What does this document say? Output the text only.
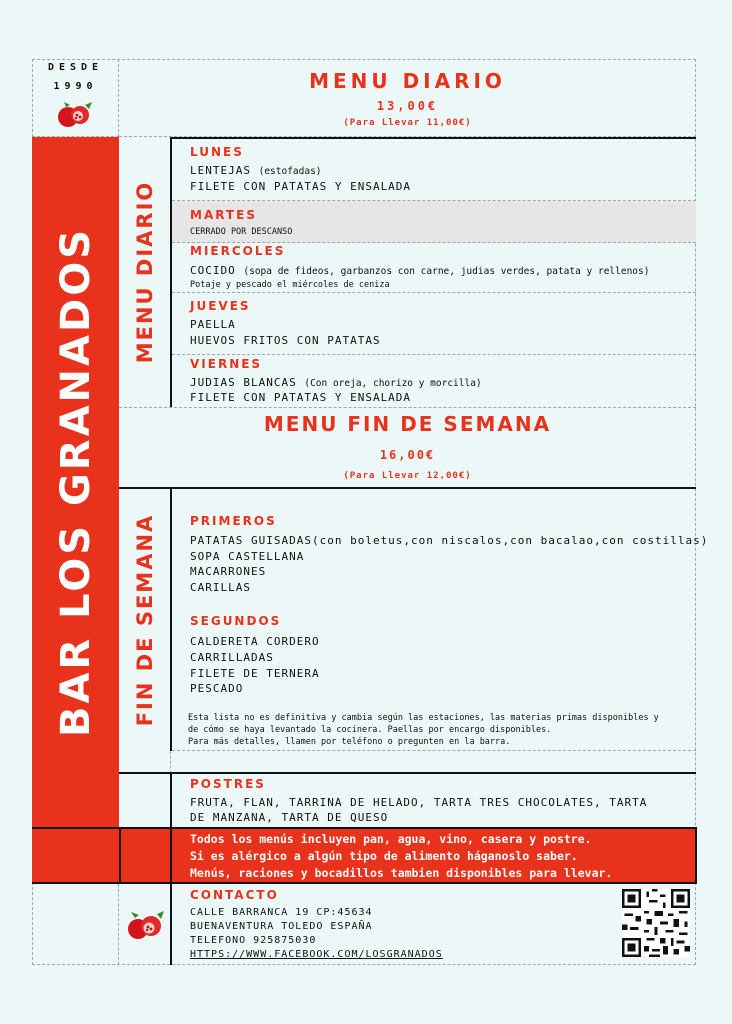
DESDE
1990	MENU DIARIO
13,00€
(Para Llevar 11,00€)
BAR LOS GRANADOS MENU DIARIO
LUNES
LENTEJAS (estofadas)
FILETE CON PATATAS Y ENSALADA
MARTES
CERRADO POR DESCANSO
MIERCOLES
COCIDO (sopa de fideos, garbanzos con carne, judias verdes, patata y rellenos)
Potaje y pescado el miércoles de ceniza
JUEVES
PAELLA
HUEVOS FRITOS CON PATATAS
VIERNES
JUDIAS BLANCAS (Con oreja, chorizo y morcilla)
FILETE CON PATATAS Y ENSALADA
MENU FIN DE SEMANA
16,00€
(Para Llevar 12,00€)
FIN DE SEMANA	PRIMEROS
PATATAS GUISADAS(con boletus,con niscalos,con bacalao,con costillas)
SOPA CASTELLANA
MACARRONES
CARILLAS
SEGUNDOS
CALDERETA CORDERO
CARRILLADAS
FILETE DE TERNERA
PESCADO
Esta lista no es definitiva y cambia según las estaciones, las materias primas disponibles y
de cómo se haya levantado la cocinera. Paellas por encargo disponibles.
Para más detalles, llamen por teléfono o pregunten en la barra.
POSTRES
FRUTA, FLAN, TARRINA DE HELADO, TARTA TRES CHOCOLATES, TARTA
DE MANZANA, TARTA DE QUESO
Todos los menús incluyen pan, agua, vino, casera y postre.
Si es alérgico a algún tipo de alimento háganoslo saber.
Menús, raciones y bocadillos tambien disponibles para llevar.
CONTACTO
CALLE BARRANCA 19 CP:45634
BUENAVENTURA TOLEDO ESPAÑA
TELEFONO 925875030
HTTPS://WWW.FACEBOOK.COM/LOSGRANADOS
